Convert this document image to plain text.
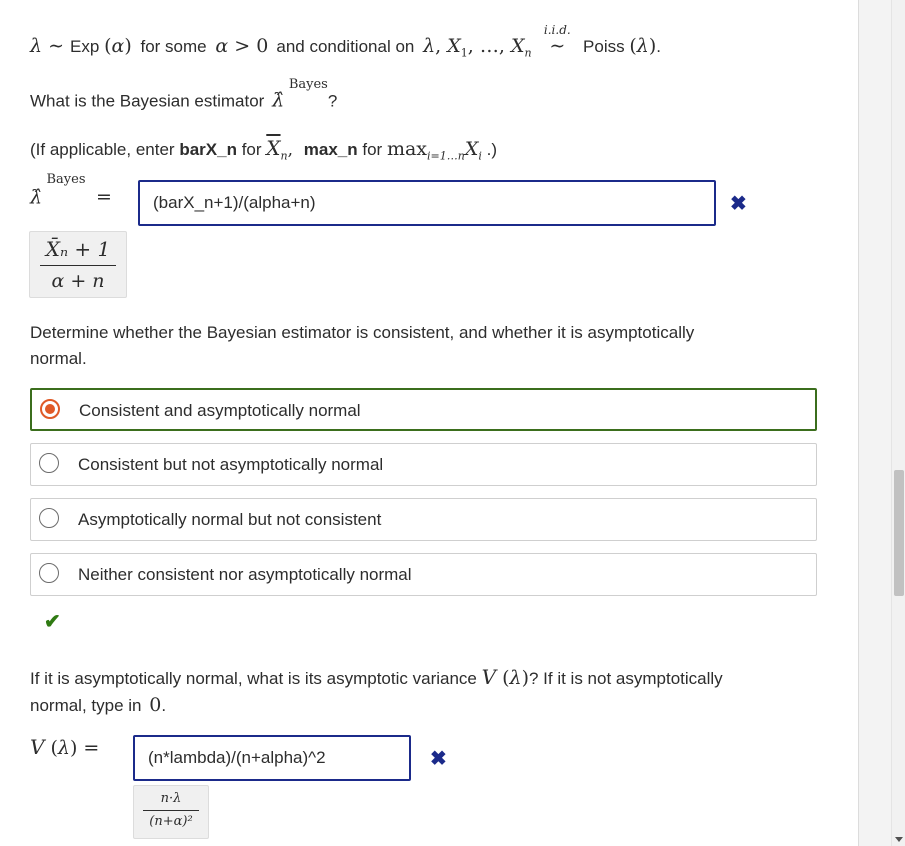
λ ∼ Exp (α) for some α > 0 and conditional on λ, $X_1$, …, $X_n$
i.i.d.
∼ Poiss (λ).
What is the Bayesian estimator λ̂ $^{Bayes}$?
(If applicable, enter barX_n for $\overline{X}_n$, max_n for $\max_{i=1\dots n}X_i$ .)
λ̂ $^{Bayes}$ =	(barX_n+1)/(alpha+n)	✖
X̄ₙ + 1
α + n
Determine whether the Bayesian estimator is consistent, and whether it is asymptotically
normal.
Consistent and asymptotically normal
Consistent but not asymptotically normal
Asymptotically normal but not consistent
Neither consistent nor asymptotically normal
✔
If it is asymptotically normal, what is its asymptotic variance V (λ)? If it is not asymptotically
normal, type in 0.
V (λ) =	(n*lambda)/(n+alpha)^2	✖
n·λ
(n+α)²
